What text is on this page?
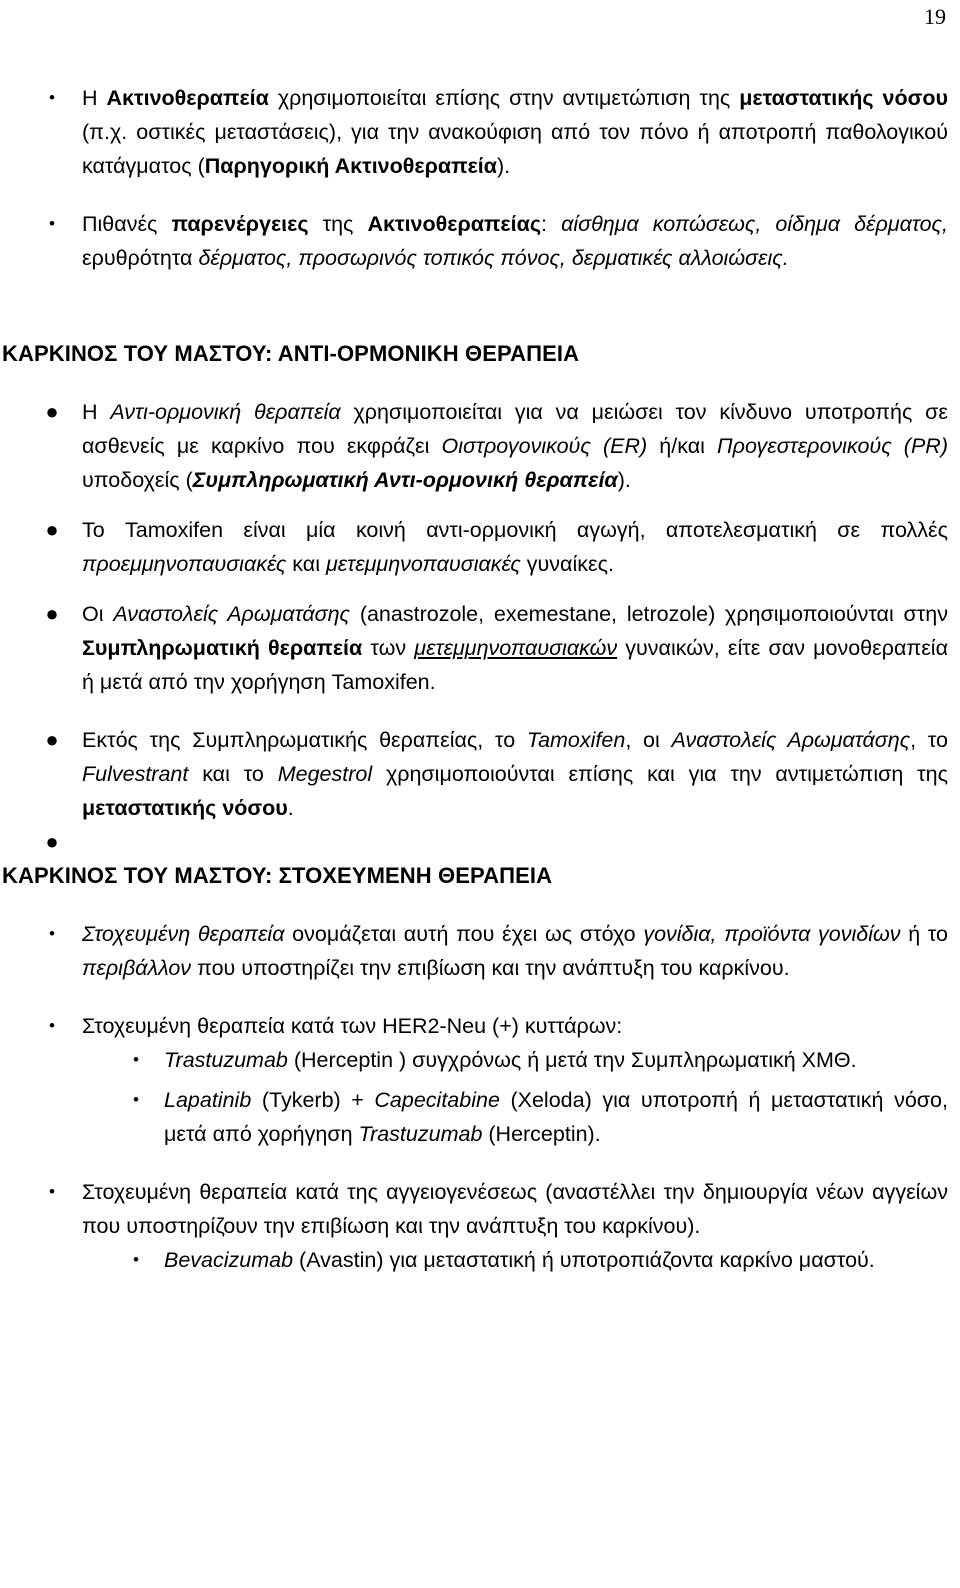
19
•	Η Ακτινοθεραπεία χρησιμοποιείται επίσης στην αντιμετώπιση της μεταστατικής νόσου (π.χ. οστικές μεταστάσεις), για την ανακούφιση από τον πόνο ή αποτροπή παθολογικού κατάγματος (Παρηγορική Ακτινοθεραπεία).
•	Πιθανές παρενέργειες της Ακτινοθεραπείας: αίσθημα κοπώσεως, οίδημα δέρματος, ερυθρότητα δέρματος, προσωρινός τοπικός πόνος, δερματικές αλλοιώσεις.

ΚΑΡΚΙΝΟΣ ΤΟΥ ΜΑΣΤΟΥ: ΑΝΤΙ-ΟΡΜΟΝΙΚΗ ΘΕΡΑΠΕΙΑ

● Η Αντι-ορμονική θεραπεία χρησιμοποιείται για να μειώσει τον κίνδυνο υποτροπής σε ασθενείς με καρκίνο που εκφράζει Οιστρογονικούς (ER) ή/και Προγεστερονικούς (PR) υποδοχείς (Συμπληρωματική Αντι-ορμονική θεραπεία).
● Το Tamoxifen είναι μία κοινή αντι-ορμονική αγωγή, αποτελεσματική σε πολλές προεμμηνοπαυσιακές και μετεμμηνοπαυσιακές γυναίκες.
● Οι Αναστολείς Αρωματάσης (anastrozole, exemestane, letrozole) χρησιμοποιούνται στην Συμπληρωματική θεραπεία των μετεμμηνοπαυσιακών γυναικών, είτε σαν μονοθεραπεία ή μετά από την χορήγηση Tamoxifen.
● Εκτός της Συμπληρωματικής θεραπείας, το Tamoxifen, οι Αναστολείς Αρωματάσης, το Fulvestrant και το Megestrol χρησιμοποιούνται επίσης και για την αντιμετώπιση της μεταστατικής νόσου.
●

ΚΑΡΚΙΝΟΣ ΤΟΥ ΜΑΣΤΟΥ: ΣΤΟΧΕΥΜΕΝΗ ΘΕΡΑΠΕΙΑ

•	Στοχευμένη θεραπεία ονομάζεται αυτή που έχει ως στόχο γονίδια, προϊόντα γονιδίων ή το περιβάλλον που υποστηρίζει την επιβίωση και την ανάπτυξη του καρκίνου.
•	Στοχευμένη θεραπεία κατά των HER2-Neu (+) κυττάρων:
•	Trastuzumab (Herceptin ) συγχρόνως ή μετά την Συμπληρωματική ΧΜΘ.
•	Lapatinib (Tykerb) + Capecitabine (Xeloda) για υποτροπή ή μεταστατική νόσο, μετά από χορήγηση Trastuzumab (Herceptin).
•	Στοχευμένη θεραπεία κατά της αγγειογενέσεως (αναστέλλει την δημιουργία νέων αγγείων που υποστηρίζουν την επιβίωση και την ανάπτυξη του καρκίνου).
•	Bevacizumab (Avastin) για μεταστατική ή υποτροπιάζοντα καρκίνο μαστού.
